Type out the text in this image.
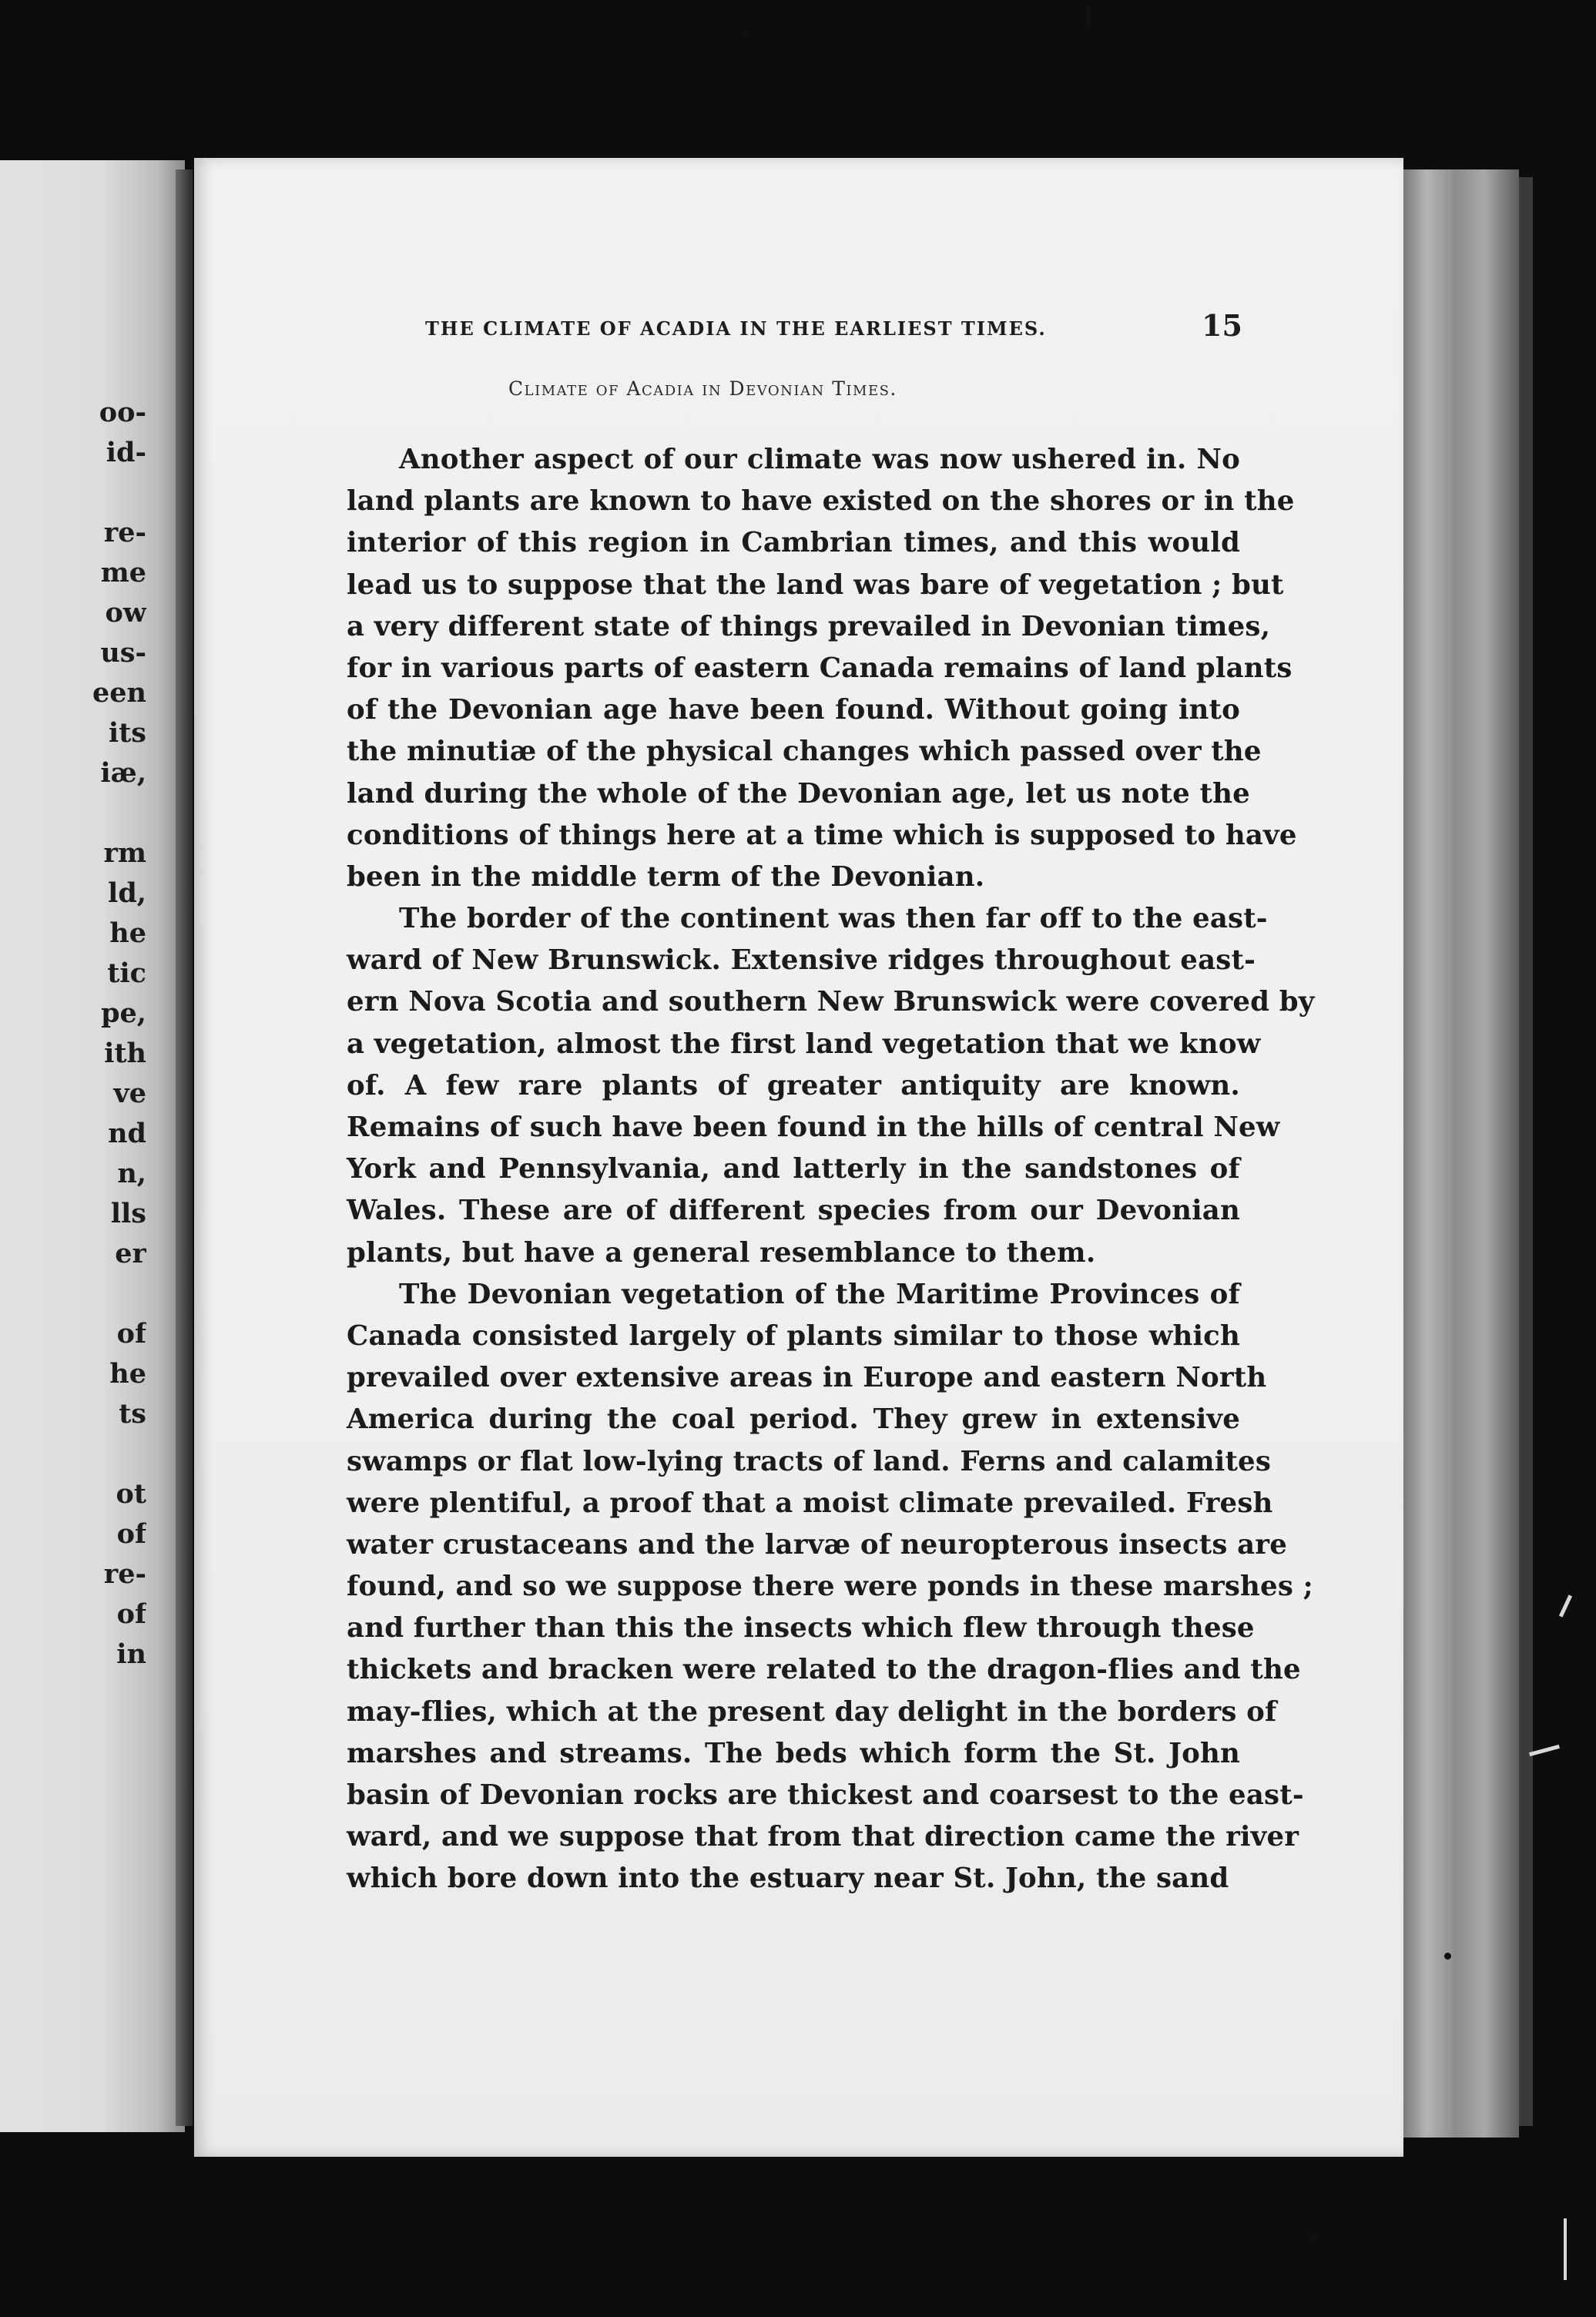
oo-
id-
re-
me
ow
us-
een
its
iæ,
rm
ld,
he
tic
pe,
ith
ve
nd
n,
lls
er
of
he
ts
ot
of
re-
of
in
THE CLIMATE OF ACADIA IN THE EARLIEST TIMES.	15
Climate of Acadia in Devonian Times.
Another aspect of our climate was now ushered in. No
land plants are known to have existed on the shores or in the
interior of this region in Cambrian times, and this would
lead us to suppose that the land was bare of vegetation ; but
a very different state of things prevailed in Devonian times,
for in various parts of eastern Canada remains of land plants
of the Devonian age have been found. Without going into
the minutiæ of the physical changes which passed over the
land during the whole of the Devonian age, let us note the
conditions of things here at a time which is supposed to have
been in the middle term of the Devonian.
The border of the continent was then far off to the east-
ward of New Brunswick. Extensive ridges throughout east-
ern Nova Scotia and southern New Brunswick were covered by
a vegetation, almost the first land vegetation that we know
of. A few rare plants of greater antiquity are known.
Remains of such have been found in the hills of central New
York and Pennsylvania, and latterly in the sandstones of
Wales. These are of different species from our Devonian
plants, but have a general resemblance to them.
The Devonian vegetation of the Maritime Provinces of
Canada consisted largely of plants similar to those which
prevailed over extensive areas in Europe and eastern North
America during the coal period. They grew in extensive
swamps or flat low-lying tracts of land. Ferns and calamites
were plentiful, a proof that a moist climate prevailed. Fresh
water crustaceans and the larvæ of neuropterous insects are
found, and so we suppose there were ponds in these marshes ;
and further than this the insects which flew through these
thickets and bracken were related to the dragon-flies and the
may-flies, which at the present day delight in the borders of
marshes and streams. The beds which form the St. John
basin of Devonian rocks are thickest and coarsest to the east-
ward, and we suppose that from that direction came the river
which bore down into the estuary near St. John, the sand
